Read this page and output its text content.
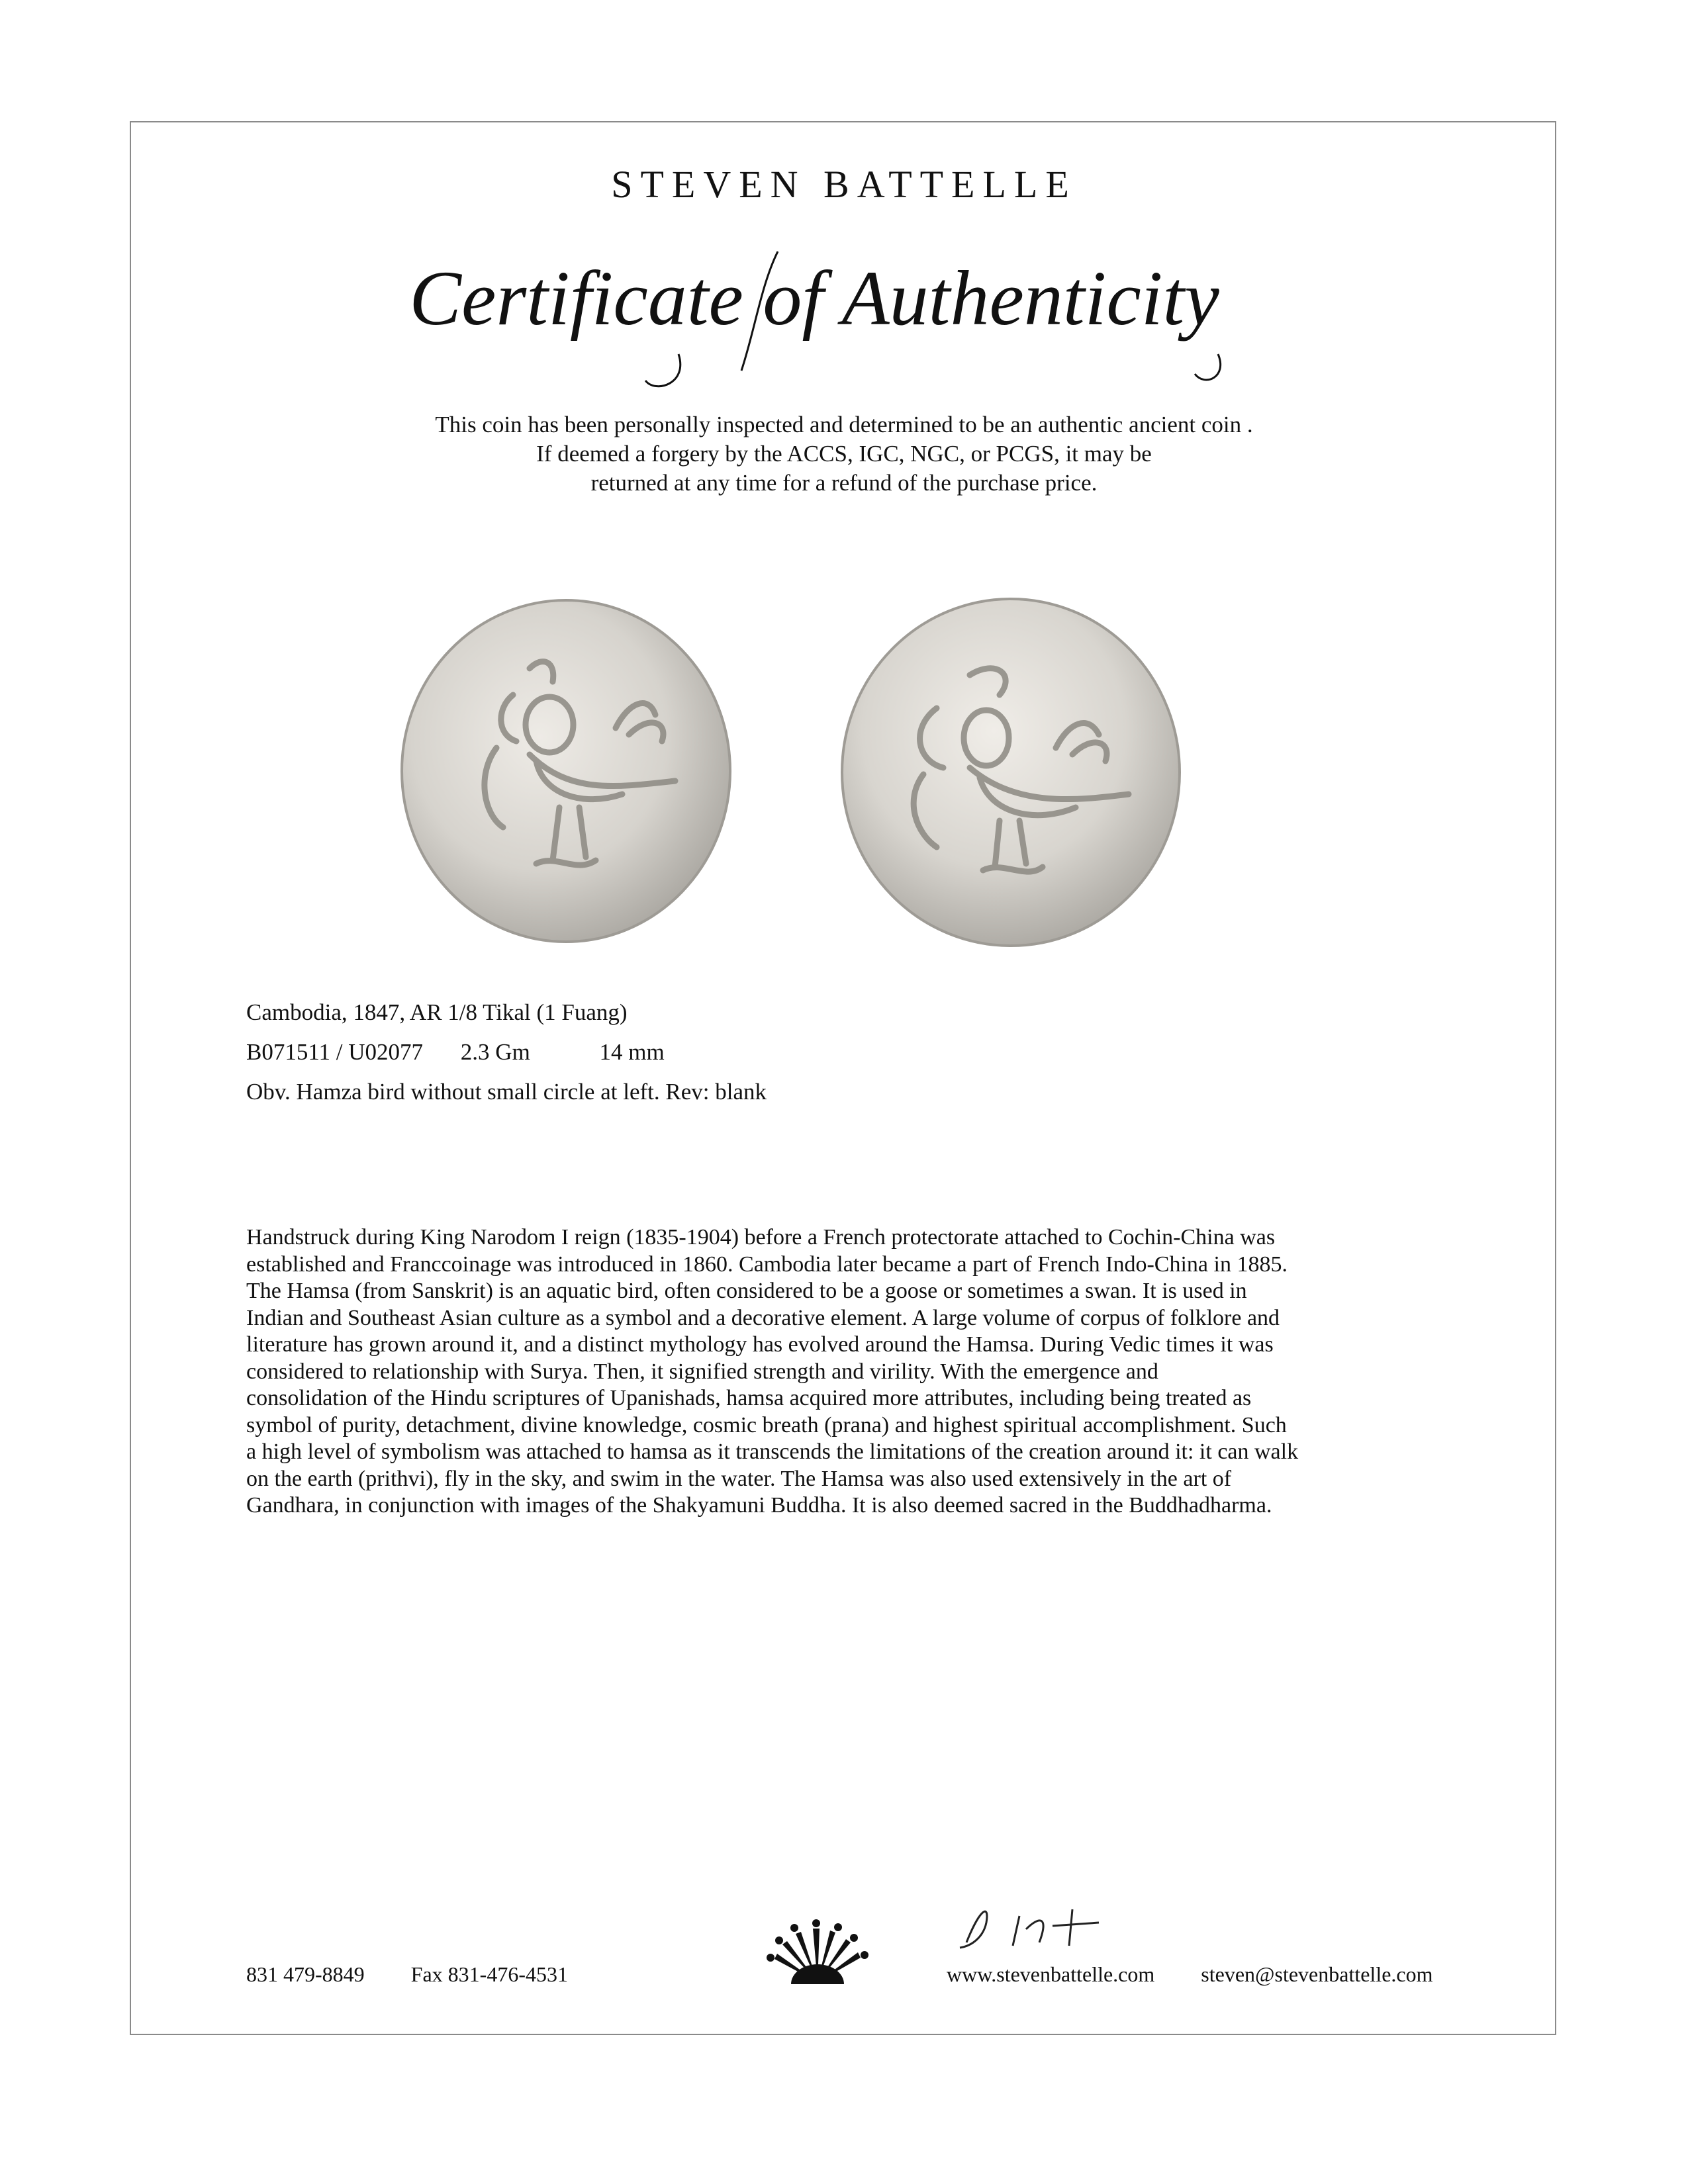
STEVEN BATTELLE
Certificate of Authenticity
This coin has been personally inspected and determined to be an authentic ancient coin .
If deemed a forgery by the ACCS, IGC, NGC, or PCGS, it may be
returned at any time for a refund of the purchase price.
Cambodia, 1847, AR 1/8 Tikal (1 Fuang)
B071511 / U02077 2.3 Gm	14 mm
Obv. Hamza bird without small circle at left. Rev: blank
Handstruck during King Narodom I reign (1835-1904) before a French protectorate attached to Cochin-China was
established and Franccoinage was introduced in 1860. Cambodia later became a part of French Indo-China in 1885.
The Hamsa (from Sanskrit) is an aquatic bird, often considered to be a goose or sometimes a swan. It is used in
Indian and Southeast Asian culture as a symbol and a decorative element. A large volume of corpus of folklore and
literature has grown around it, and a distinct mythology has evolved around the Hamsa. During Vedic times it was
considered to relationship with Surya. Then, it signified strength and virility. With the emergence and
consolidation of the Hindu scriptures of Upanishads, hamsa acquired more attributes, including being treated as
symbol of purity, detachment, divine knowledge, cosmic breath (prana) and highest spiritual accomplishment. Such
a high level of symbolism was attached to hamsa as it transcends the limitations of the creation around it: it can walk
on the earth (prithvi), fly in the sky, and swim in the water. The Hamsa was also used extensively in the art of
Gandhara, in conjunction with images of the Shakyamuni Buddha. It is also deemed sacred in the Buddhadharma.
831 479-8849 Fax 831-476-4531	www.stevenbattelle.com steven@stevenbattelle.com
